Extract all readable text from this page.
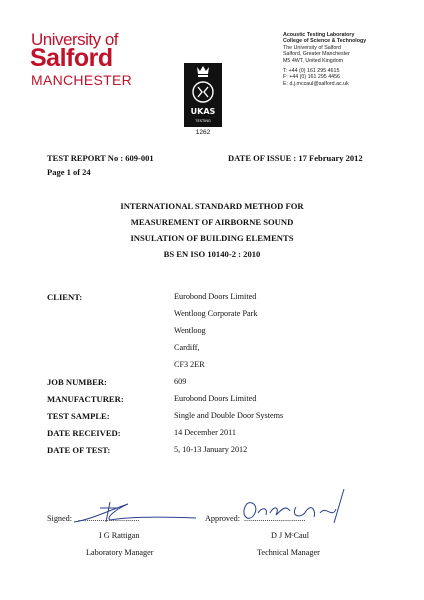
University of
Salford
MANCHESTER
UKAS
TESTING
1262
Acoustic Testing Laboratory
College of Science & Technology
The University of Salford
Salford, Greater Manchester
M5 4WT, United Kingdom
T: +44 (0) 161 295 4615
F: +44 (0) 161 295 4456
E: d.j.mccaul@salford.ac.uk
TEST REPORT No : 609-001	DATE OF ISSUE : 17 February 2012
Page 1 of 24
INTERNATIONAL STANDARD METHOD FOR
MEASUREMENT OF AIRBORNE SOUND
INSULATION OF BUILDING ELEMENTS
BS EN ISO 10140-2 : 2010
CLIENT:	Eurobond Doors Limited
Wentloog Corporate Park
Wentloog
Cardiff,
CF3 2ER
JOB NUMBER:	609
MANUFACTURER:	Eurobond Doors Limited
TEST SAMPLE:	Single and Double Door Systems
DATE RECEIVED:	14 December 2011
DATE OF TEST:	5, 10-13 January 2012
Signed: ..............................
I G Rattigan
Laboratory Manager
Approved: ..............................
D J MᶜCaul
Technical Manager
